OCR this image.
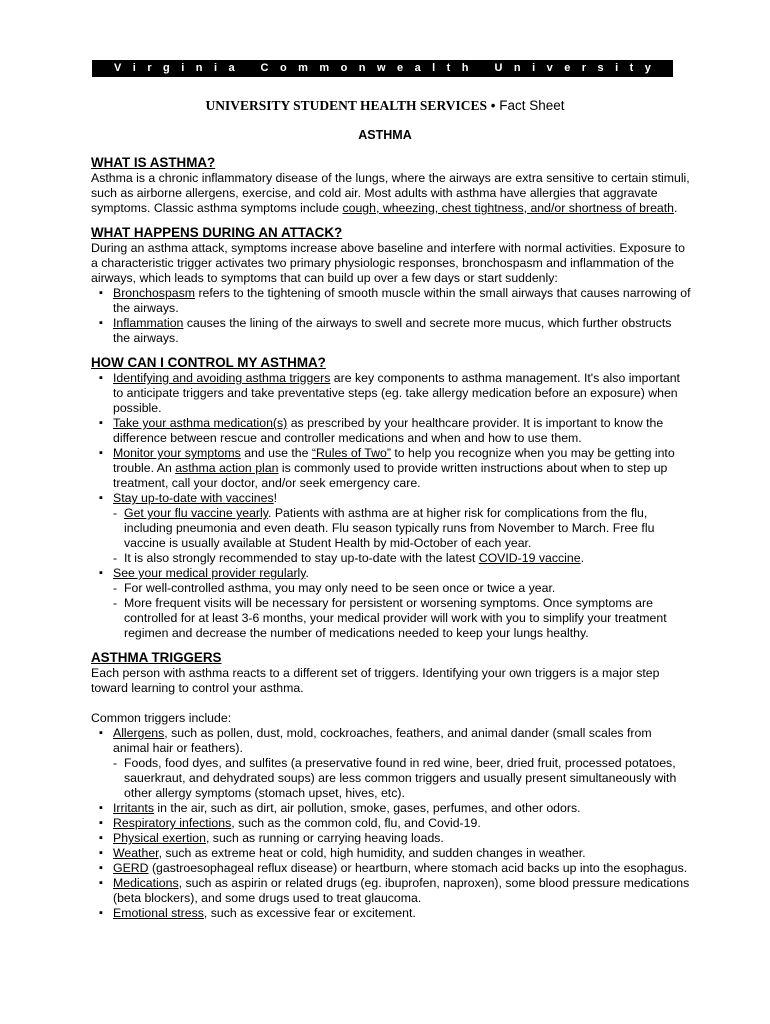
V i r g i n i a
C o m m o n w e a l t h
U n i v e r s i t y
UNIVERSITY STUDENT HEALTH SERVICES • Fact Sheet
ASTHMA
WHAT IS ASTHMA?

Asthma is a chronic inflammatory disease of the lungs, where the airways are extra sensitive to certain stimuli, such as airborne allergens, exercise, and cold air. Most adults with asthma have allergies that aggravate symptoms. Classic asthma symptoms include cough, wheezing, chest tightness, and/or shortness of breath.

WHAT HAPPENS DURING AN ATTACK?

During an asthma attack, symptoms increase above baseline and interfere with normal activities. Exposure to a characteristic trigger activates two primary physiologic responses, bronchospasm and inflammation of the airways, which leads to symptoms that can build up over a few days or start suddenly:

▪ Bronchospasm refers to the tightening of smooth muscle within the small airways that causes narrowing of the airways.
▪ Inflammation causes the lining of the airways to swell and secrete more mucus, which further obstructs the airways.
HOW CAN I CONTROL MY ASTHMA?
▪ Identifying and avoiding asthma triggers are key components to asthma management. It's also important to anticipate triggers and take preventative steps (eg. take allergy medication before an exposure) when possible.
▪ Take your asthma medication(s) as prescribed by your healthcare provider. It is important to know the difference between rescue and controller medications and when and how to use them.
▪ Monitor your symptoms and use the “Rules of Two” to help you recognize when you may be getting into trouble. An asthma action plan is commonly used to provide written instructions about when to step up treatment, call your doctor, and/or seek emergency care.
▪ Stay up-to-date with vaccines!
- Get your flu vaccine yearly. Patients with asthma are at higher risk for complications from the flu, including pneumonia and even death. Flu season typically runs from November to March. Free flu vaccine is usually available at Student Health by mid-October of each year.
- It is also strongly recommended to stay up-to-date with the latest COVID-19 vaccine.
▪ See your medical provider regularly.
- For well-controlled asthma, you may only need to be seen once or twice a year.
- More frequent visits will be necessary for persistent or worsening symptoms. Once symptoms are controlled for at least 3-6 months, your medical provider will work with you to simplify your treatment regimen and decrease the number of medications needed to keep your lungs healthy.
ASTHMA TRIGGERS

Each person with asthma reacts to a different set of triggers. Identifying your own triggers is a major step toward learning to control your asthma.

Common triggers include:

▪ Allergens, such as pollen, dust, mold, cockroaches, feathers, and animal dander (small scales from animal hair or feathers).
- Foods, food dyes, and sulfites (a preservative found in red wine, beer, dried fruit, processed potatoes, sauerkraut, and dehydrated soups) are less common triggers and usually present simultaneously with other allergy symptoms (stomach upset, hives, etc).
▪ Irritants in the air, such as dirt, air pollution, smoke, gases, perfumes, and other odors.
▪ Respiratory infections, such as the common cold, flu, and Covid-19.
▪ Physical exertion, such as running or carrying heaving loads.
▪ Weather, such as extreme heat or cold, high humidity, and sudden changes in weather.
▪ GERD (gastroesophageal reflux disease) or heartburn, where stomach acid backs up into the esophagus.
▪ Medications, such as aspirin or related drugs (eg. ibuprofen, naproxen), some blood pressure medications (beta blockers), and some drugs used to treat glaucoma.
▪ Emotional stress, such as excessive fear or excitement.
